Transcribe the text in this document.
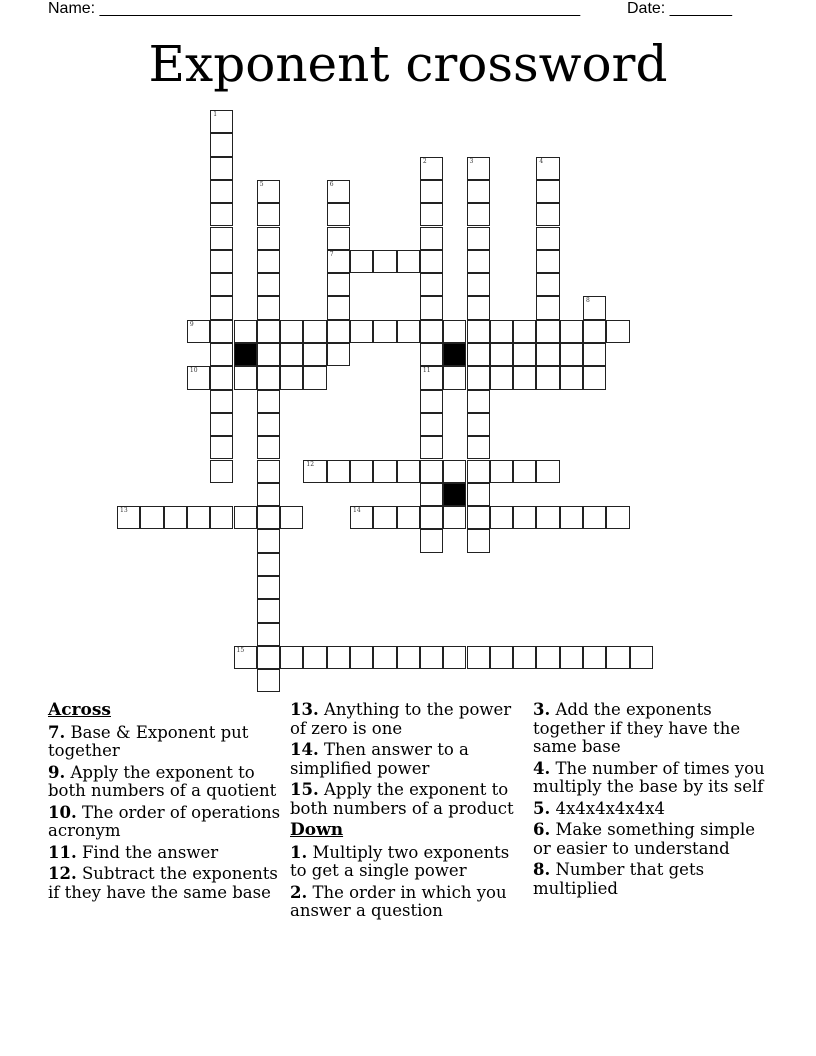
Name: ______________________________________________________	Date: _______
Exponent crossword
1
2
11
3	4
5	6
7
8
9
10
12
13	14
15
Across
7. Base & Exponent put together
9. Apply the exponent to both numbers of a quotient
10. The order of operations acronym
11. Find the answer
12. Subtract the exponents if they have the same base
13. Anything to the power of zero is one
14. Then answer to a simplified power
15. Apply the exponent to both numbers of a product
Down
1. Multiply two exponents to get a single power
2. The order in which you answer a question
3. Add the exponents together if they have the same base
4. The number of times you multiply the base by its self
5. 4x4x4x4x4x4
6. Make something simple or easier to understand
8. Number that gets multiplied
